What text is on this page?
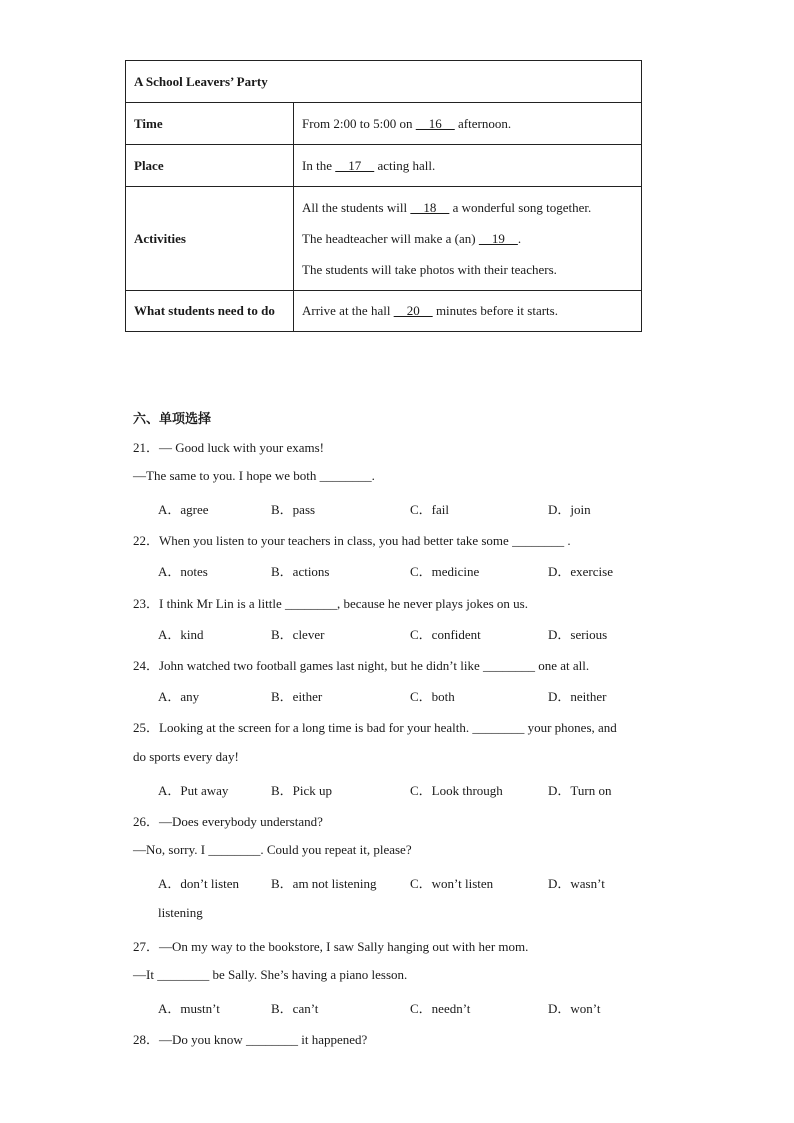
A School Leavers’ Party	
Time	From 2:00 to 5:00 on     16     afternoon.
Place	In the     17     acting hall.
Activities	All the students will     18     a wonderful song together.
The headteacher will make a (an)     19    .
The students will take photos with their teachers.

What students need to do	Arrive at the hall     20     minutes before it starts.
六、单项选择
21．— Good luck with your exams!
—The same to you. I hope we both ________.
A．agree	B．pass	C．fail	D．join
22．When you listen to your teachers in class, you had better take some ________ .
A．notes	B．actions	C．medicine	D．exercise
23．I think Mr Lin is a little ________, because he never plays jokes on us.
A．kind	B．clever	C．confident	D．serious
24．John watched two football games last night, but he didn’t like ________ one at all.
A．any	B．either	C．both	D．neither
25．Looking at the screen for a long time is bad for your health. ________ your phones, and
do sports every day!
A．Put away	B．Pick up	C．Look through	D．Turn on
26．—Does everybody understand?
—No, sorry. I ________. Could you repeat it, please?
A．don’t listen B．am not listening	C．won’t listen	D．wasn’t
listening
27．—On my way to the bookstore, I saw Sally hanging out with her mom.
—It ________ be Sally. She’s having a piano lesson.
A．mustn’t	B．can’t	C．needn’t	D．won’t
28．—Do you know ________ it happened?
